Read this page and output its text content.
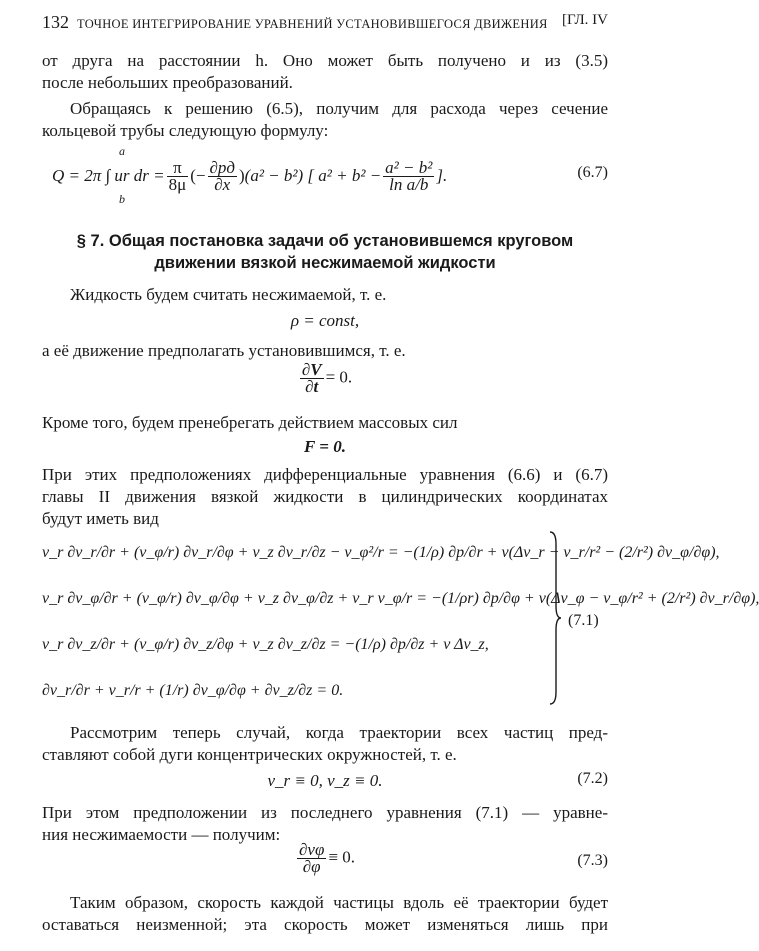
132 ТОЧНОЕ ИНТЕГРИРОВАНИЕ УРАВНЕНИЙ УСТАНОВИВШЕГОСЯ ДВИЖЕНИЯ [ГЛ. IV

от друга на расстоянии h. Оно может быть получено и из (3.5)

после небольших преобразований.

Обращаясь к решению (6.5), получим для расхода через сечение

кольцевой трубы следующую формулу:

Q = 2π ∫ ur dr = $\frac{\pi}{8\mu}$ (− $\frac{\partial pд}{\partial x}$ ) (a² − b²) [ $a^2 + b^2 - \frac{\text{a² − b²}}{\text{ln a/b}}$ ].
a
b
(6.7)
§ 7. Общая постановка задачи об установившемся круговом
движении вязкой несжимаемой жидкости

Жидкость будем считать несжимаемой, т. е.

ρ = const,

а её движение предполагать установившимся, т. е.

$\frac{\partial V}{\partial t} = 0$.

Кроме того, будем пренебрегать действием массовых сил

F = 0.

При этих предположениях дифференциальные уравнения (6.6) и (6.7)

главы II движения вязкой жидкости в цилиндрических координатах

будут иметь вид

v_r ∂v_r/∂r + (v_φ/r) ∂v_r/∂φ + v_z ∂v_r/∂z − v_φ²/r = −(1/ρ) ∂p/∂r + ν(Δv_r − v_r/r² − (2/r²) ∂v_φ/∂φ),
v_r ∂v_φ/∂r + (v_φ/r) ∂v_φ/∂φ + v_z ∂v_φ/∂z + v_r v_φ/r = −(1/ρr) ∂p/∂φ + ν(Δv_φ − v_φ/r² + (2/r²) ∂v_r/∂φ),
v_r ∂v_z/∂r + (v_φ/r) ∂v_z/∂φ + v_z ∂v_z/∂z = −(1/ρ) ∂p/∂z + ν Δv_z,
∂v_r/∂r + v_r/r + (1/r) ∂v_φ/∂φ + ∂v_z/∂z = 0.
(7.1)

Рассмотрим теперь случай, когда траектории всех частиц пред-

ставляют собой дуги концентрических окружностей, т. е.

v_r ≡ 0, v_z ≡ 0.	(7.2)

При этом предположении из последнего уравнения (7.1) — уравне-

ния несжимаемости — получим:

$\frac{\partial v\varphi}{\partial\varphi} \equiv 0$.	(7.3)

Таким образом, скорость каждой частицы вдоль её траектории будет

оставаться неизменной; эта скорость может изменяться лишь при
